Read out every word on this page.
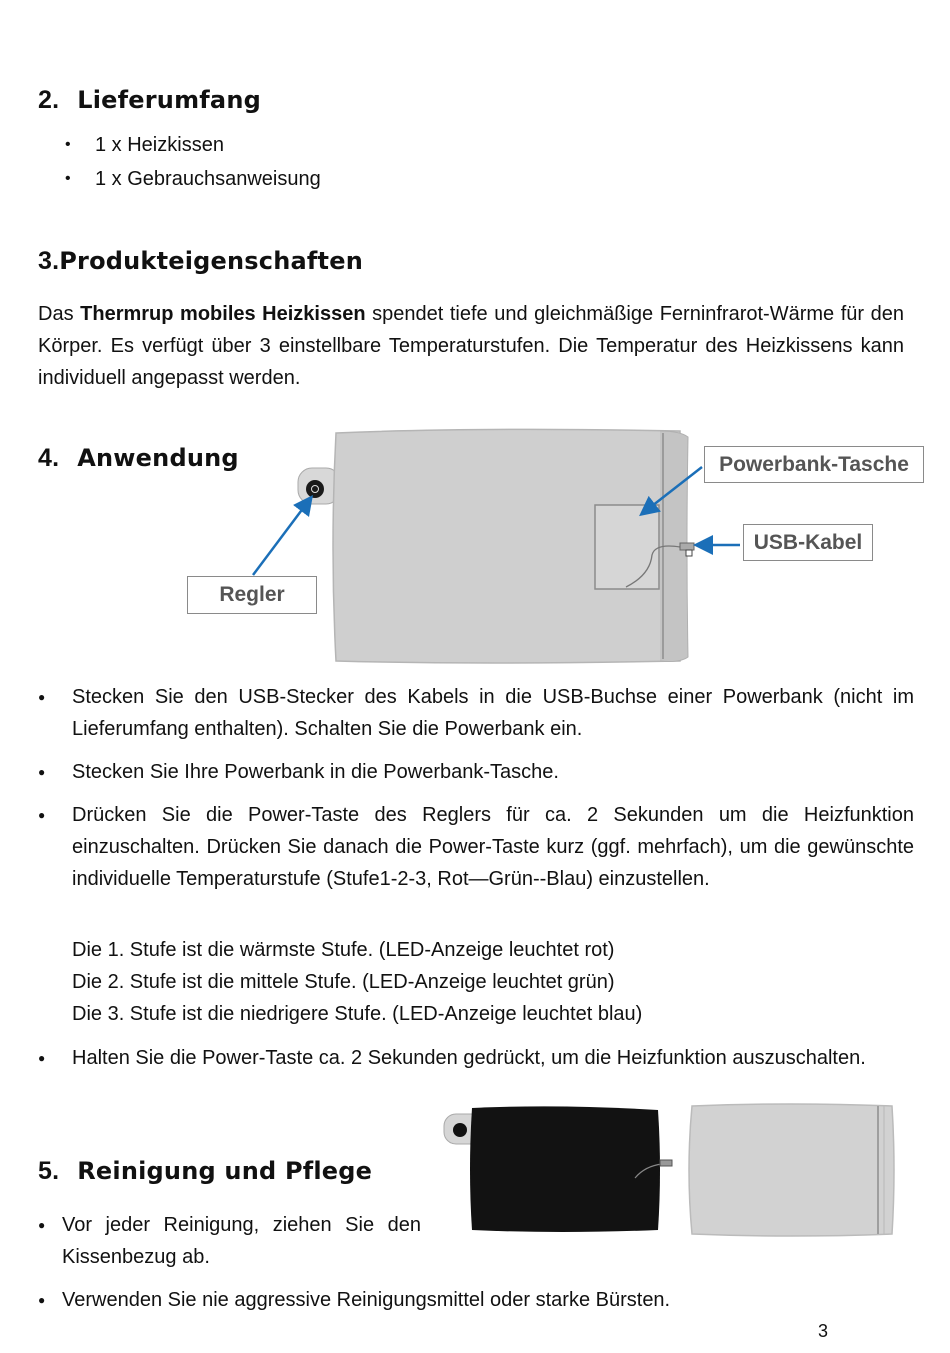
2. Lieferumfang
• 1 x Heizkissen
• 1 x Gebrauchsanweisung
3.Produkteigenschaften
Das Thermrup mobiles Heizkissen spendet tiefe und gleichmäßige Ferninfrarot-Wärme für den Körper. Es verfügt über 3 einstellbare Temperaturstufen. Die Temperatur des Heizkissens kann individuell angepasst werden.
4. Anwendung	Powerbank-Tasche
USB-Kabel
Regler
● Stecken Sie den USB-Stecker des Kabels in die USB-Buchse einer Powerbank (nicht im Lieferumfang enthalten). Schalten Sie die Powerbank ein.
● Stecken Sie Ihre Powerbank in die Powerbank-Tasche.
● Drücken Sie die Power-Taste des Reglers für ca. 2 Sekunden um die Heizfunktion einzuschalten. Drücken Sie danach die Power-Taste kurz (ggf. mehrfach), um die gewünschte individuelle Temperaturstufe (Stufe1-2-3, Rot—Grün--Blau) einzustellen.
Die 1. Stufe ist die wärmste Stufe. (LED-Anzeige leuchtet rot)
Die 2. Stufe ist die mittele Stufe. (LED-Anzeige leuchtet grün)
Die 3. Stufe ist die niedrigere Stufe. (LED-Anzeige leuchtet blau)
● Halten Sie die Power-Taste ca. 2 Sekunden gedrückt, um die Heizfunktion auszuschalten.
5. Reinigung und Pflege
● Vor jeder Reinigung, ziehen Sie den Kissenbezug ab.
● Verwenden Sie nie aggressive Reinigungsmittel oder starke Bürsten.
3
